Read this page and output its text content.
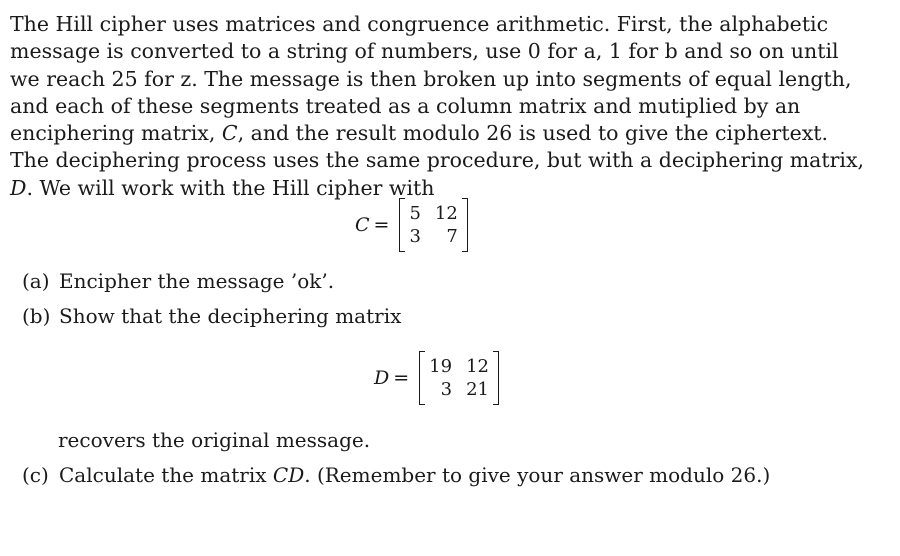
The Hill cipher uses matrices and congruence arithmetic. First, the alphabetic message is converted to a string of numbers, use 0 for a, 1 for b and so on until we reach 25 for z. The message is then broken up into segments of equal length, and each of these segments treated as a column matrix and mutiplied by an enciphering matrix, C, and the result modulo 26 is used to give the ciphertext. The deciphering process uses the same procedure, but with a deciphering matrix, D. We will work with the Hill cipher with

C =
5 12
3	7
(a) Encipher the message ’ok’.
(b) Show that the deciphering matrix
D =
19 12
3 21
recovers the original message.
(c) Calculate the matrix CD. (Remember to give your answer modulo 26.)
